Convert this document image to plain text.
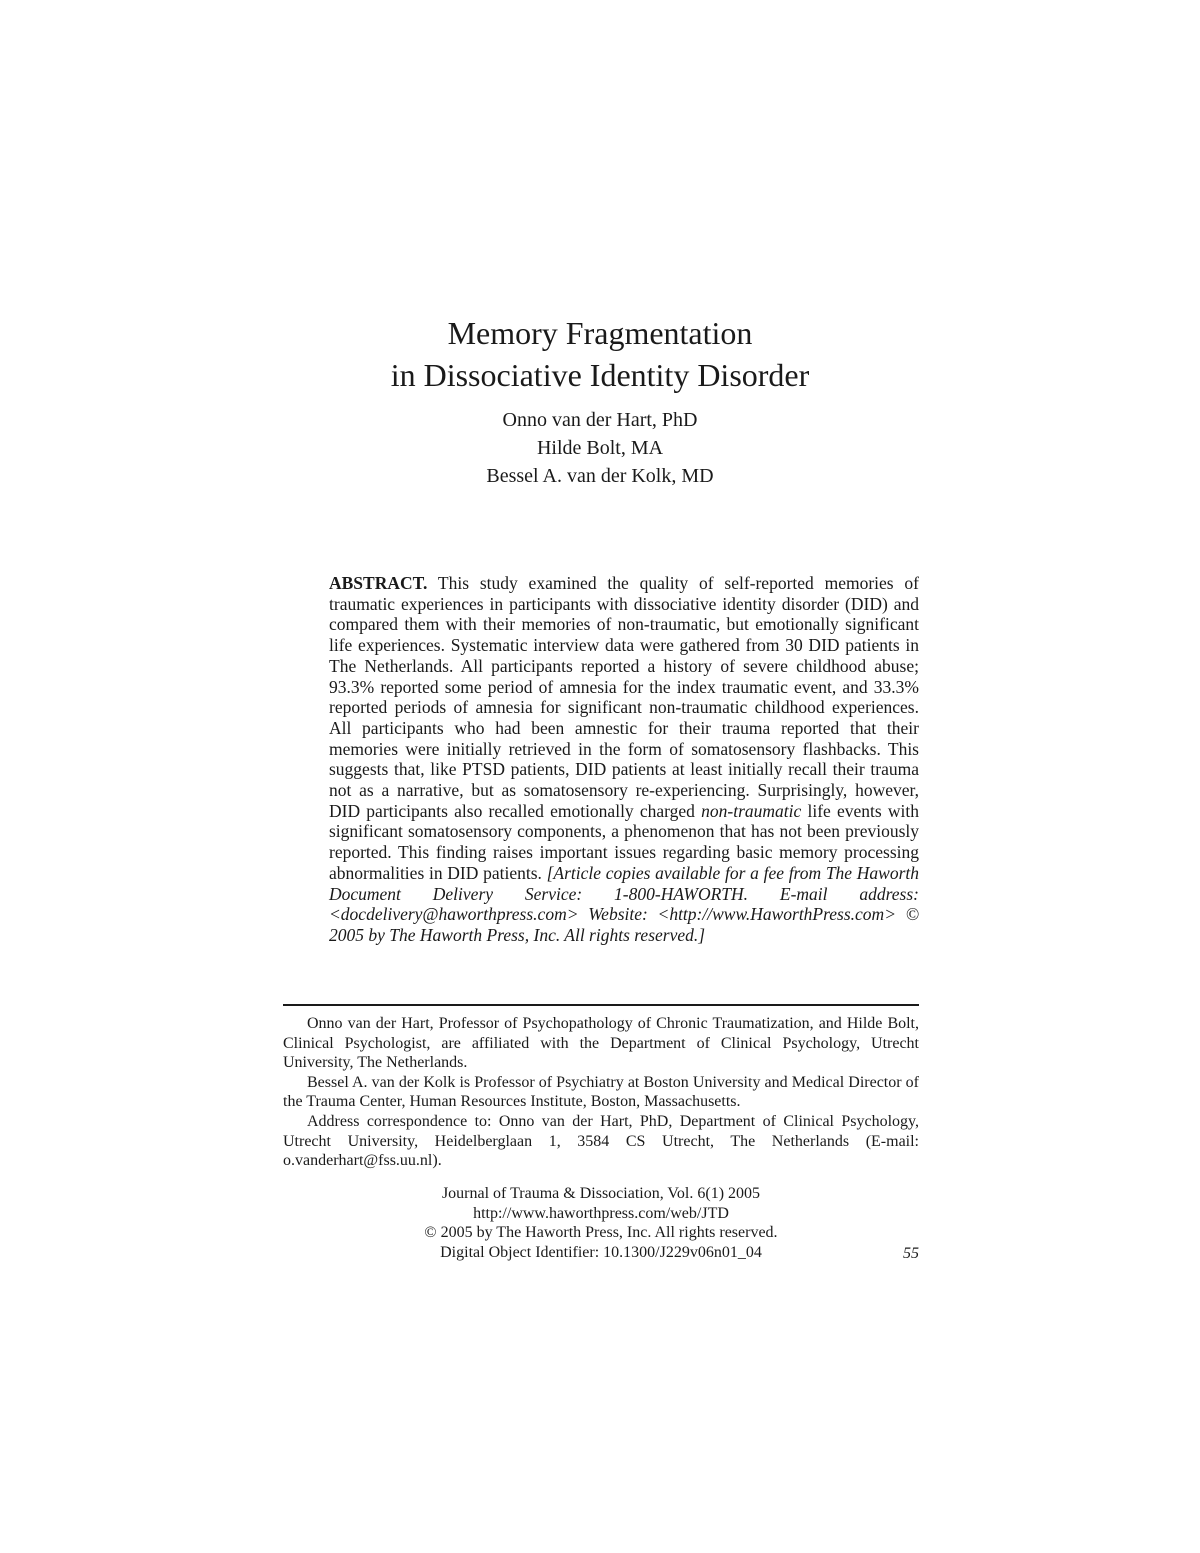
Memory Fragmentation
in Dissociative Identity Disorder
Onno van der Hart, PhD
Hilde Bolt, MA
Bessel A. van der Kolk, MD

ABSTRACT. This study examined the quality of self-reported memories of traumatic experiences in participants with dissociative identity disorder (DID) and compared them with their memories of non-traumatic, but emotionally significant life experiences. Systematic interview data were gathered from 30 DID patients in The Netherlands. All participants reported a history of severe childhood abuse; 93.3% reported some period of amnesia for the index traumatic event, and 33.3% reported periods of amnesia for significant non-traumatic childhood experiences. All participants who had been amnestic for their trauma reported that their memories were initially retrieved in the form of somatosensory flashbacks. This suggests that, like PTSD patients, DID patients at least initially recall their trauma not as a narrative, but as somatosensory re-experiencing. Surprisingly, however, DID participants also recalled emotionally charged non-traumatic life events with significant somatosensory components, a phenomenon that has not been previously reported. This finding raises important issues regarding basic memory processing abnormalities in DID patients. [Article copies available for a fee from The Haworth Document Delivery Service: 1-800-HAWORTH. E-mail address: <docdelivery@haworthpress.com> Website: <http://www.HaworthPress.com> © 2005 by The Haworth Press, Inc. All rights reserved.]

Onno van der Hart, Professor of Psychopathology of Chronic Traumatization, and Hilde Bolt, Clinical Psychologist, are affiliated with the Department of Clinical Psychology, Utrecht University, The Netherlands.

Bessel A. van der Kolk is Professor of Psychiatry at Boston University and Medical Director of the Trauma Center, Human Resources Institute, Boston, Massachusetts.

Address correspondence to: Onno van der Hart, PhD, Department of Clinical Psychology, Utrecht University, Heidelberglaan 1, 3584 CS Utrecht, The Netherlands (E-mail: o.vanderhart@fss.uu.nl).

Journal of Trauma & Dissociation, Vol. 6(1) 2005
http://www.haworthpress.com/web/JTD
© 2005 by The Haworth Press, Inc. All rights reserved.
Digital Object Identifier: 10.1300/J229v06n01_04	55
